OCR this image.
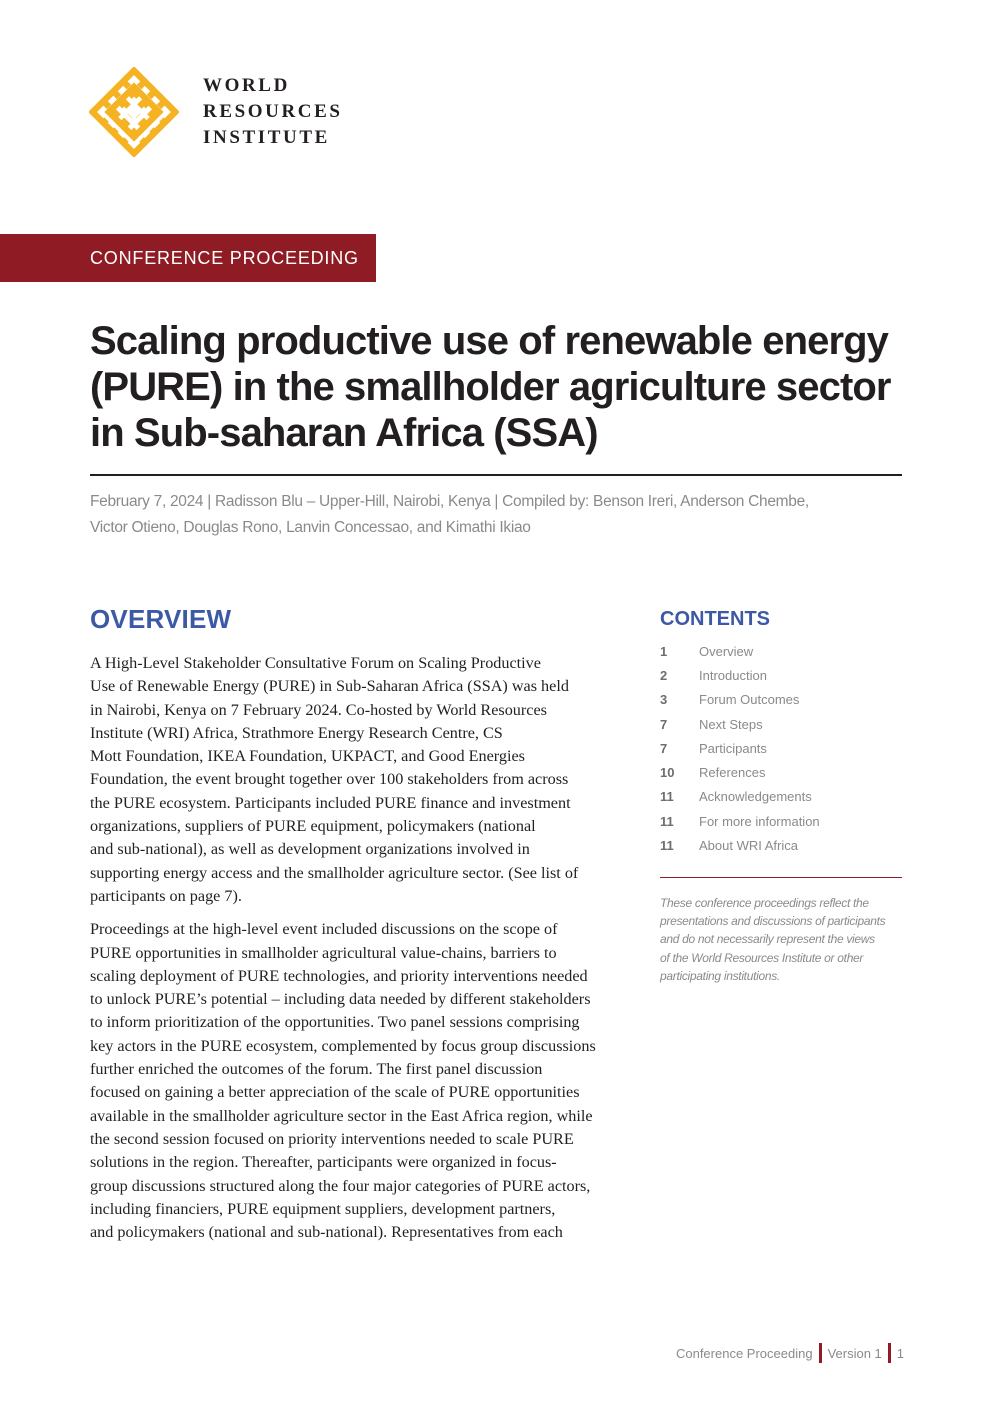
WORLD
RESOURCES
INSTITUTE
CONFERENCE PROCEEDING
Scaling productive use of renewable energy (PURE) in the smallholder agriculture sector in Sub-saharan Africa (SSA)
February 7, 2024 | Radisson Blu – Upper-Hill, Nairobi, Kenya | Compiled by: Benson Ireri, Anderson Chembe,
Victor Otieno, Douglas Rono, Lanvin Concessao, and Kimathi Ikiao
OVERVIEW
A High-Level Stakeholder Consultative Forum on Scaling Productive
Use of Renewable Energy (PURE) in Sub-Saharan Africa (SSA) was held
in Nairobi, Kenya on 7 February 2024. Co-hosted by World Resources
Institute (WRI) Africa, Strathmore Energy Research Centre, CS
Mott Foundation, IKEA Foundation, UKPACT, and Good Energies
Foundation, the event brought together over 100 stakeholders from across
the PURE ecosystem. Participants included PURE finance and investment
organizations, suppliers of PURE equipment, policymakers (national
and sub-national), as well as development organizations involved in
supporting energy access and the smallholder agriculture sector. (See list of
participants on page 7).
Proceedings at the high-level event included discussions on the scope of
PURE opportunities in smallholder agricultural value-chains, barriers to
scaling deployment of PURE technologies, and priority interventions needed
to unlock PURE’s potential – including data needed by different stakeholders
to inform prioritization of the opportunities. Two panel sessions comprising
key actors in the PURE ecosystem, complemented by focus group discussions
further enriched the outcomes of the forum. The first panel discussion
focused on gaining a better appreciation of the scale of PURE opportunities
available in the smallholder agriculture sector in the East Africa region, while
the second session focused on priority interventions needed to scale PURE
solutions in the region. Thereafter, participants were organized in focus-
group discussions structured along the four major categories of PURE actors,
including financiers, PURE equipment suppliers, development partners,
and policymakers (national and sub-national). Representatives from each
CONTENTS
1	Overview
2	Introduction
3	Forum Outcomes
7	Next Steps
7	Participants
10	References
11	Acknowledgements
11	For more information
11	About WRI Africa
These conference proceedings reflect the
presentations and discussions of participants
and do not necessarily represent the views
of the World Resources Institute or other
participating institutions.
Conference Proceeding Version 1 1
